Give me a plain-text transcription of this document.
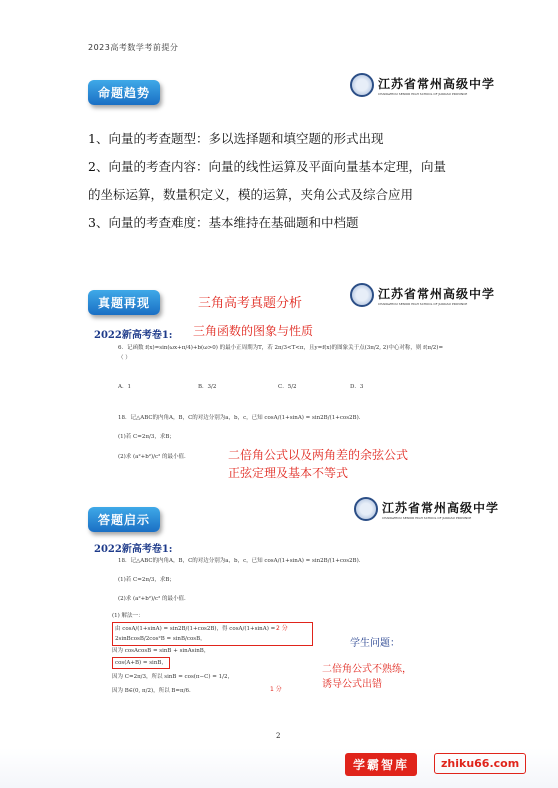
2023高考数学考前提分
命题趋势
江苏省常州高级中学
CHANGZHOU SENIOR HIGH SCHOOL OF JIANGSU PROVINCE

1、向量的考查题型：多以选择题和填空题的形式出现

2、向量的考查内容：向量的线性运算及平面向量基本定理，向量的坐标运算，数量积定义，模的运算，夹角公式及综合应用

3、向量的考查难度：基本维持在基础题和中档题

真题再现	三角高考真题分析
江苏省常州高级中学
CHANGZHOU SENIOR HIGH SCHOOL OF JIANGSU PROVINCE
2022新高考卷1: 三角函数的图象与性质
6．记函数 f(x)=sin(ωx+π/4)+b(ω>0) 的最小正周期为T，若 2π/3<T<π，且y=f(x)的图象关于点(3π/2, 2)中心对称，则 f(π/2)=（ ）
A．1	B．3/2	C．5/2	D．3
18．记△ABC的内角A，B，C的对边分别为a，b，c，已知 cosA/(1+sinA) = sin2B/(1+cos2B).
(1)若 C=2π/3，求B；
(2)求 (a²+b²)/c² 的最小值.	二倍角公式以及两角差的余弦公式
正弦定理及基本不等式
答题启示
江苏省常州高级中学
CHANGZHOU SENIOR HIGH SCHOOL OF JIANGSU PROVINCE
2022新高考卷1:
18．记△ABC的内角A，B，C的对边分别为a，b，c，已知 cosA/(1+sinA) = sin2B/(1+cos2B).
(1)若 C=2π/3，求B；
(2)求 (a²+b²)/c² 的最小值.
(1) 解法一：
由 cosA/(1+sinA) = sin2B/(1+cos2B)，得 cosA/(1+sinA) = 2sinBcosB/2cos²B = sinB/cosB，
2 分
因为 cosAcosB = sinB + sinAsinB，
cos(A+B) = sinB，
因为 C=2π/3，所以 sinB = cos(π−C) = 1/2，
因为 B∈(0, π/2)，所以 B=π/6.	1 分
学生问题：
二倍角公式不熟练，
诱导公式出错
2
学霸智库	zhiku66.com
